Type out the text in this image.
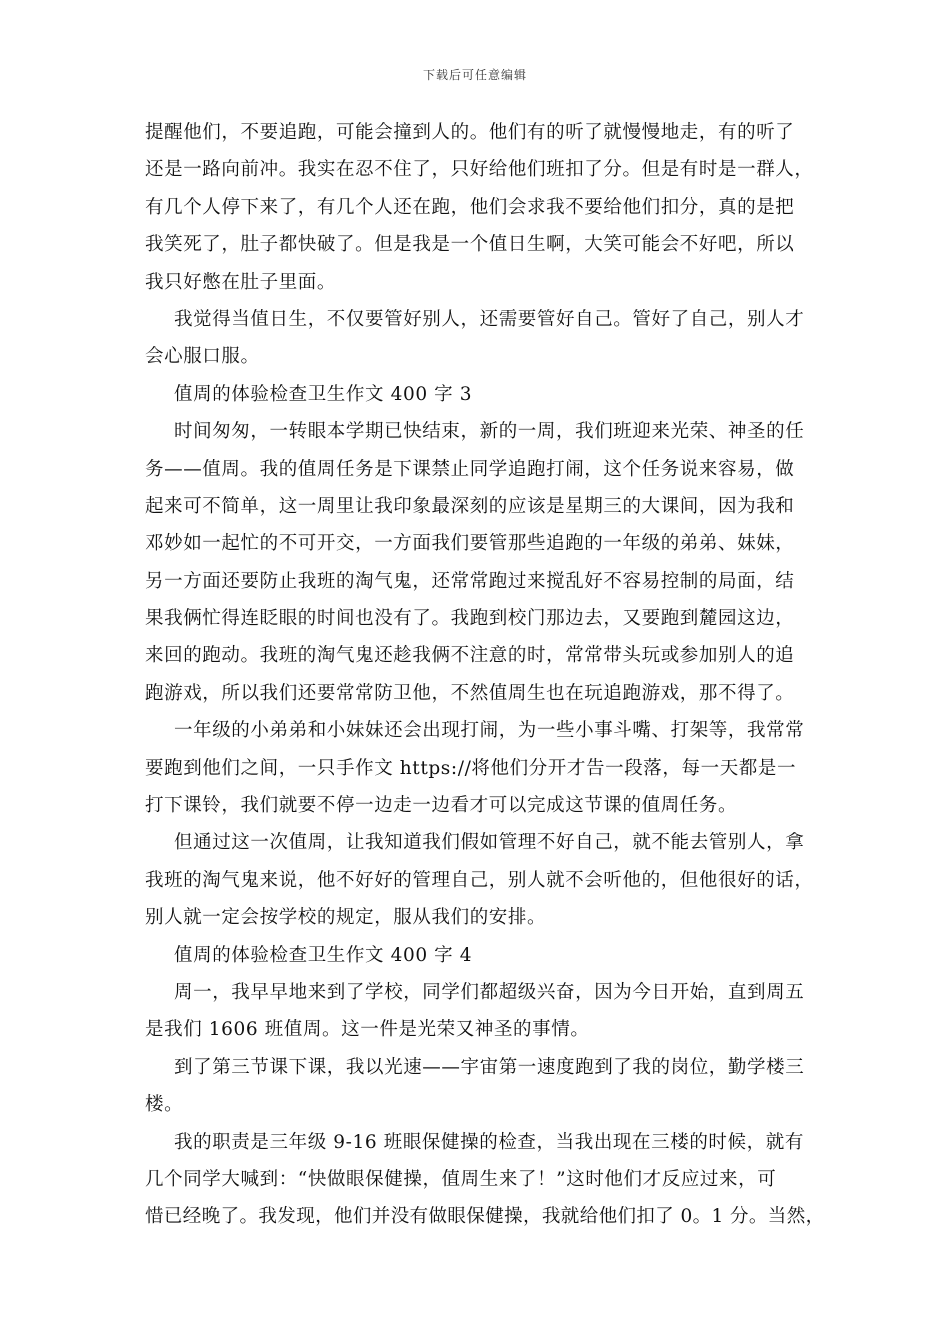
下载后可任意编辑
提醒他们，不要追跑，可能会撞到人的。他们有的听了就慢慢地走，有的听了
还是一路向前冲。我实在忍不住了，只好给他们班扣了分。但是有时是一群人，
有几个人停下来了，有几个人还在跑，他们会求我不要给他们扣分，真的是把
我笑死了，肚子都快破了。但是我是一个值日生啊，大笑可能会不好吧，所以
我只好憋在肚子里面。
我觉得当值日生，不仅要管好别人，还需要管好自己。管好了自己，别人才
会心服口服。
值周的体验检查卫生作文 400 字 3
时间匆匆，一转眼本学期已快结束，新的一周，我们班迎来光荣、神圣的任
务——值周。我的值周任务是下课禁止同学追跑打闹，这个任务说来容易，做
起来可不简单，这一周里让我印象最深刻的应该是星期三的大课间，因为我和
邓妙如一起忙的不可开交，一方面我们要管那些追跑的一年级的弟弟、妹妹，
另一方面还要防止我班的淘气鬼，还常常跑过来搅乱好不容易控制的局面，结
果我俩忙得连眨眼的时间也没有了。我跑到校门那边去，又要跑到麓园这边，
来回的跑动。我班的淘气鬼还趁我俩不注意的时，常常带头玩或参加别人的追
跑游戏，所以我们还要常常防卫他，不然值周生也在玩追跑游戏，那不得了。
一年级的小弟弟和小妹妹还会出现打闹，为一些小事斗嘴、打架等，我常常
要跑到他们之间，一只手作文 https://将他们分开才告一段落，每一天都是一
打下课铃，我们就要不停一边走一边看才可以完成这节课的值周任务。
但通过这一次值周，让我知道我们假如管理不好自己，就不能去管别人，拿
我班的淘气鬼来说，他不好好的管理自己，别人就不会听他的，但他很好的话，
别人就一定会按学校的规定，服从我们的安排。
值周的体验检查卫生作文 400 字 4
周一，我早早地来到了学校，同学们都超级兴奋，因为今日开始，直到周五
是我们 1606 班值周。这一件是光荣又神圣的事情。
到了第三节课下课，我以光速——宇宙第一速度跑到了我的岗位，勤学楼三
楼。
我的职责是三年级 9-16 班眼保健操的检查，当我出现在三楼的时候，就有
几个同学大喊到：“快做眼保健操，值周生来了！”这时他们才反应过来，可
惜已经晚了。我发现，他们并没有做眼保健操，我就给他们扣了 0。1 分。当然，
